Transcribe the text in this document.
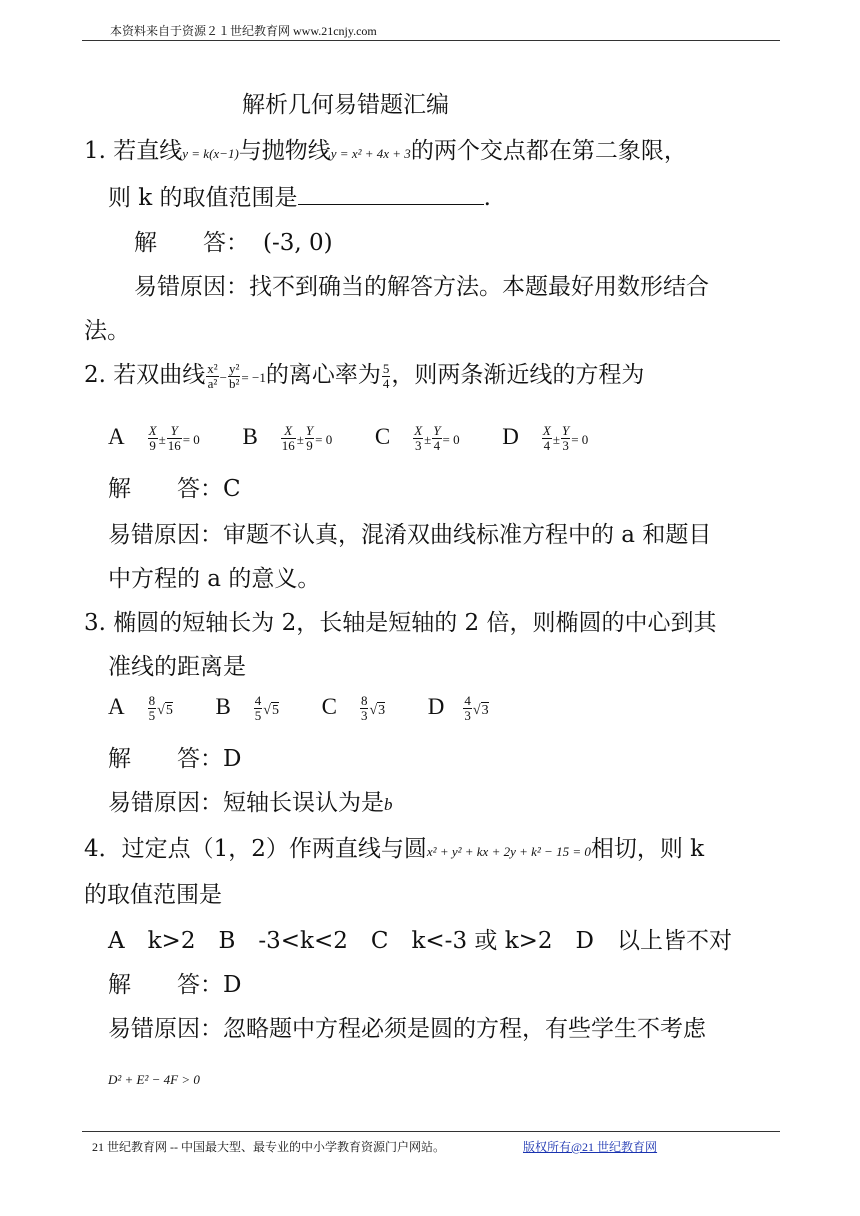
本资料来自于资源２１世纪教育网 www.21cnjy.com
解析几何易错题汇编
1. 若直线y = k(x−1)与抛物线y = x² + 4x + 3的两个交点都在第二象限，
则 k 的取值范围是	.
解　　答： (-3, 0)
易错原因：找不到确当的解答方法。本题最好用数形结合
法。
2. 若双曲线 $\frac{\text{x²}}{\text{a²}} - \frac{\text{y²}}{\text{b²}} = -1$的离心率为 $\frac{5}{4}$ ，则两条渐近线的方程为
A $\frac{X}{9} \pm \frac{Y}{16} = 0$ B $\frac{X}{16} \pm \frac{Y}{9} = 0$ C $\frac{X}{3} \pm \frac{Y}{4} = 0$ D $\frac{X}{4} \pm \frac{Y}{3} = 0$
解　　答：C
易错原因：审题不认真，混淆双曲线标准方程中的 a 和题目
中方程的 a 的意义。
3. 椭圆的短轴长为 2，长轴是短轴的 2 倍，则椭圆的中心到其
准线的距离是
A $\frac{8}{5} √5$ B $\frac{4}{5} √5$ C $\frac{8}{3} √3$ D $\frac{4}{3} √3$
解　　答：D
易错原因：短轴长误认为是b
4．过定点（1，2）作两直线与圆x² + y² + kx + 2y + k² − 15 = 0相切，则 k
的取值范围是
A　k>2　B　-3<k<2　C　k<-3 或 k>2　D　以上皆不对
解　　答：D
易错原因：忽略题中方程必须是圆的方程，有些学生不考虑
D² + E² − 4F > 0
21 世纪教育网 -- 中国最大型、最专业的中小学教育资源门户网站。	版权所有@21 世纪教育网
